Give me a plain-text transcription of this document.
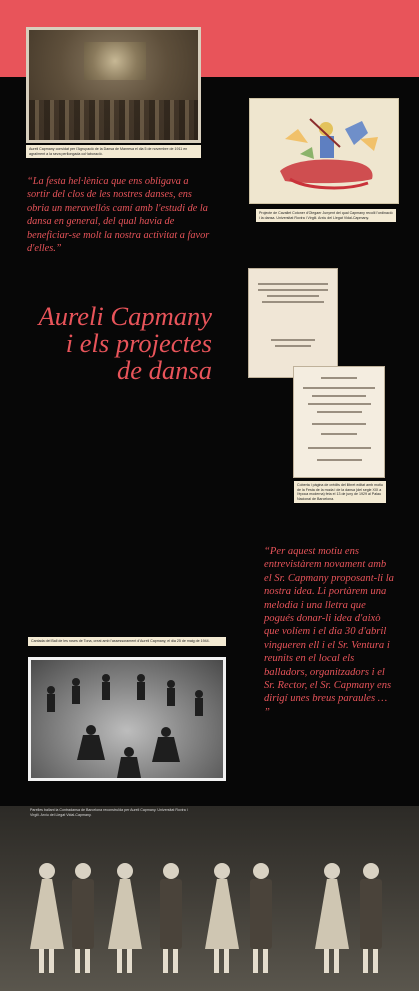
Aureli Capmany convidat per l'Agrupació de la Dansa de Manresa el dia 5 de novembre de 1911 en agraïment a la seva perllongada col·laboració.
“La festa hel·lènica que ens obligava a sortir del clos de les nostres danses, ens obria un meravellós camí amb l'estudi de la dansa en general, del qual havia de beneficiar-se molt la nostra activitat a favor d'elles.”
Projecte de Cavallet Cotoner d'Olegaer Junyent del qual Capmany recollí l'ordinació i la dansa. Universitat Rovira i Virgili. Arxiu del Llegat Vidal-Capmany.
Aureli Capmany
i els projectes
de dansa
Coberta i pàgina de crèdits del llibret editat amb motiu de la Festa de la moda i de la dansa (del segle XIX a l'època moderna) feta el 13 de juny de 1929 al Palau Nacional de Barcelona.
“Per aquest motiu ens entrevistàrem novament amb el Sr. Capmany proposant-li la nostra idea. Li portàrem una melodia i una lletra que pogués donar-li idea d'això que volíem i el dia 30 d'abril vingueren ell i el Sr. Ventura i reunits en el local els balladors, organitzadors i el Sr. Rector, el Sr. Capmany ens dirigí unes breus paraules … ”
Cantada del Ball de les roses de Tona, creat amb l'assessorament d'Aureli Capmany, el dia 25 de maig de 1944.
Parelles ballant la Contradansa de Barcelona reconstruïda per Aureli Capmany. Universitat Rovira i Virgili. Arxiu del Llegat Vidal-Capmany.
